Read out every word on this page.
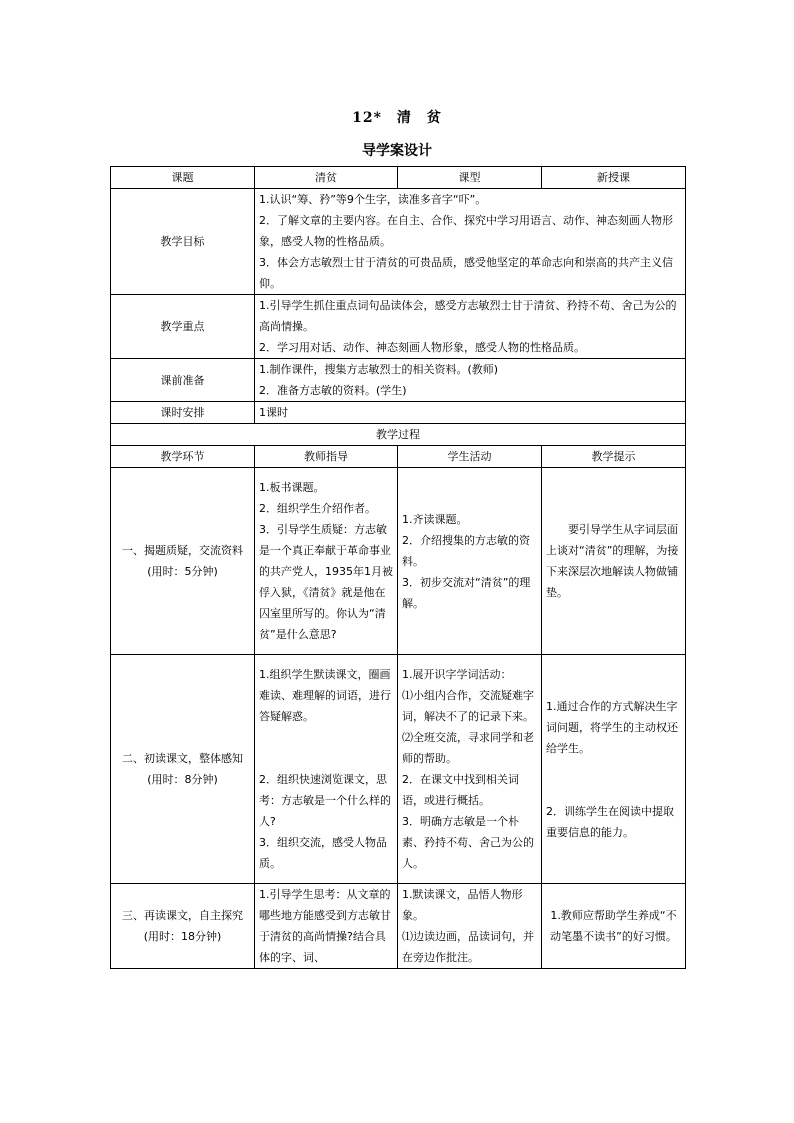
12*　清　贫
导学案设计
课题	清贫	课型	新授课
教学目标	1.认识“筹、矜”等9个生字，读准多音字“吓”。
2．了解文章的主要内容。在自主、合作、探究中学习用语言、动作、神态刻画人物形象，感受人物的性格品质。
3．体会方志敏烈士甘于清贫的可贵品质，感受他坚定的革命志向和崇高的共产主义信仰。		

教学重点	1.引导学生抓住重点词句品读体会，感受方志敏烈士甘于清贫、矜持不苟、舍己为公的高尚情操。
2．学习用对话、动作、神态刻画人物形象，感受人物的性格品质。		

课前准备	1.制作课件，搜集方志敏烈士的相关资料。(教师)
2．准备方志敏的资料。(学生)		

课时安排	1课时		
教学过程			
教学环节	教师指导	学生活动	教学提示

一、揭题质疑，交流资料
(用时：5分钟)	1.板书课题。
2．组织学生介绍作者。
3．引导学生质疑：方志敏是一个真正奉献于革命事业的共产党人，1935年1月被俘入狱，《清贫》就是他在囚室里所写的。你认为“清贫”是什么意思?	1.齐读课题。
2．介绍搜集的方志敏的资料。
3．初步交流对“清贫”的理解。	　　要引导学生从字词层面上谈对“清贫”的理解，为接下来深层次地解读人物做铺垫。

二、初读课文，整体感知
(用时：8分钟)	1.组织学生默读课文，圈画难读、难理解的词语，进行答疑解惑。
2．组织快速浏览课文，思考：方志敏是一个什么样的人?
3．组织交流，感受人物品质。	1.展开识字学词活动：
⑴小组内合作，交流疑难字词，解决不了的记录下来。
⑵全班交流，寻求同学和老师的帮助。
2．在课文中找到相关词语，或进行概括。
3．明确方志敏是一个朴素、矜持不苟、舍己为公的人。	1.通过合作的方式解决生字词问题，将学生的主动权还给学生。
2．训练学生在阅读中提取重要信息的能力。

三、再读课文，自主探究
(用时：18分钟)	1.引导学生思考：从文章的哪些地方能感受到方志敏甘于清贫的高尚情操?结合具体的字、词、	1.默读课文，品悟人物形象。
⑴边读边画，品读词句，并在旁边作批注。	1.教师应帮助学生养成“不动笔墨不读书”的好习惯。
